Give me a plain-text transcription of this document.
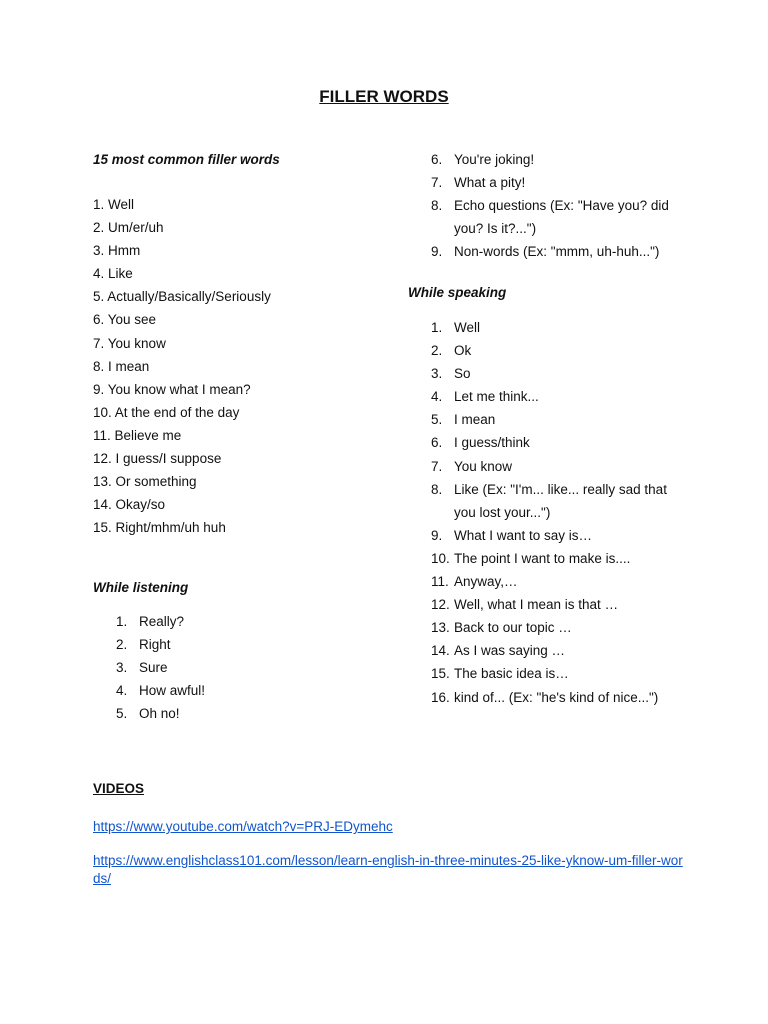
FILLER WORDS
15 most common filler words
1. Well
2. Um/er/uh
3. Hmm
4. Like
5. Actually/Basically/Seriously
6. You see
7. You know
8. I mean
9. You know what I mean?
10. At the end of the day
11. Believe me
12. I guess/I suppose
13. Or something
14. Okay/so
15. Right/mhm/uh huh
While listening
1. Really?
2. Right
3. Sure
4. How awful!
5. Oh no!
6. You're joking!
7. What a pity!
8. Echo questions (Ex: "Have you? did you? Is it?...")
9. Non-words (Ex: "mmm, uh-huh...")
While speaking
1. Well
2. Ok
3. So
4. Let me think...
5. I mean
6. I guess/think
7. You know
8. Like (Ex: "I'm... like... really sad that you lost your...")
9. What I want to say is…
10. The point I want to make is....
11. Anyway,…
12. Well, what I mean is that …
13. Back to our topic …
14. As I was saying …
15. The basic idea is…
16. kind of... (Ex: "he's kind of nice...")
VIDEOS
https://www.youtube.com/watch?v=PRJ-EDymehc
https://www.englishclass101.com/lesson/learn-english-in-three-minutes-25-like-yknow-um-filler-words/
